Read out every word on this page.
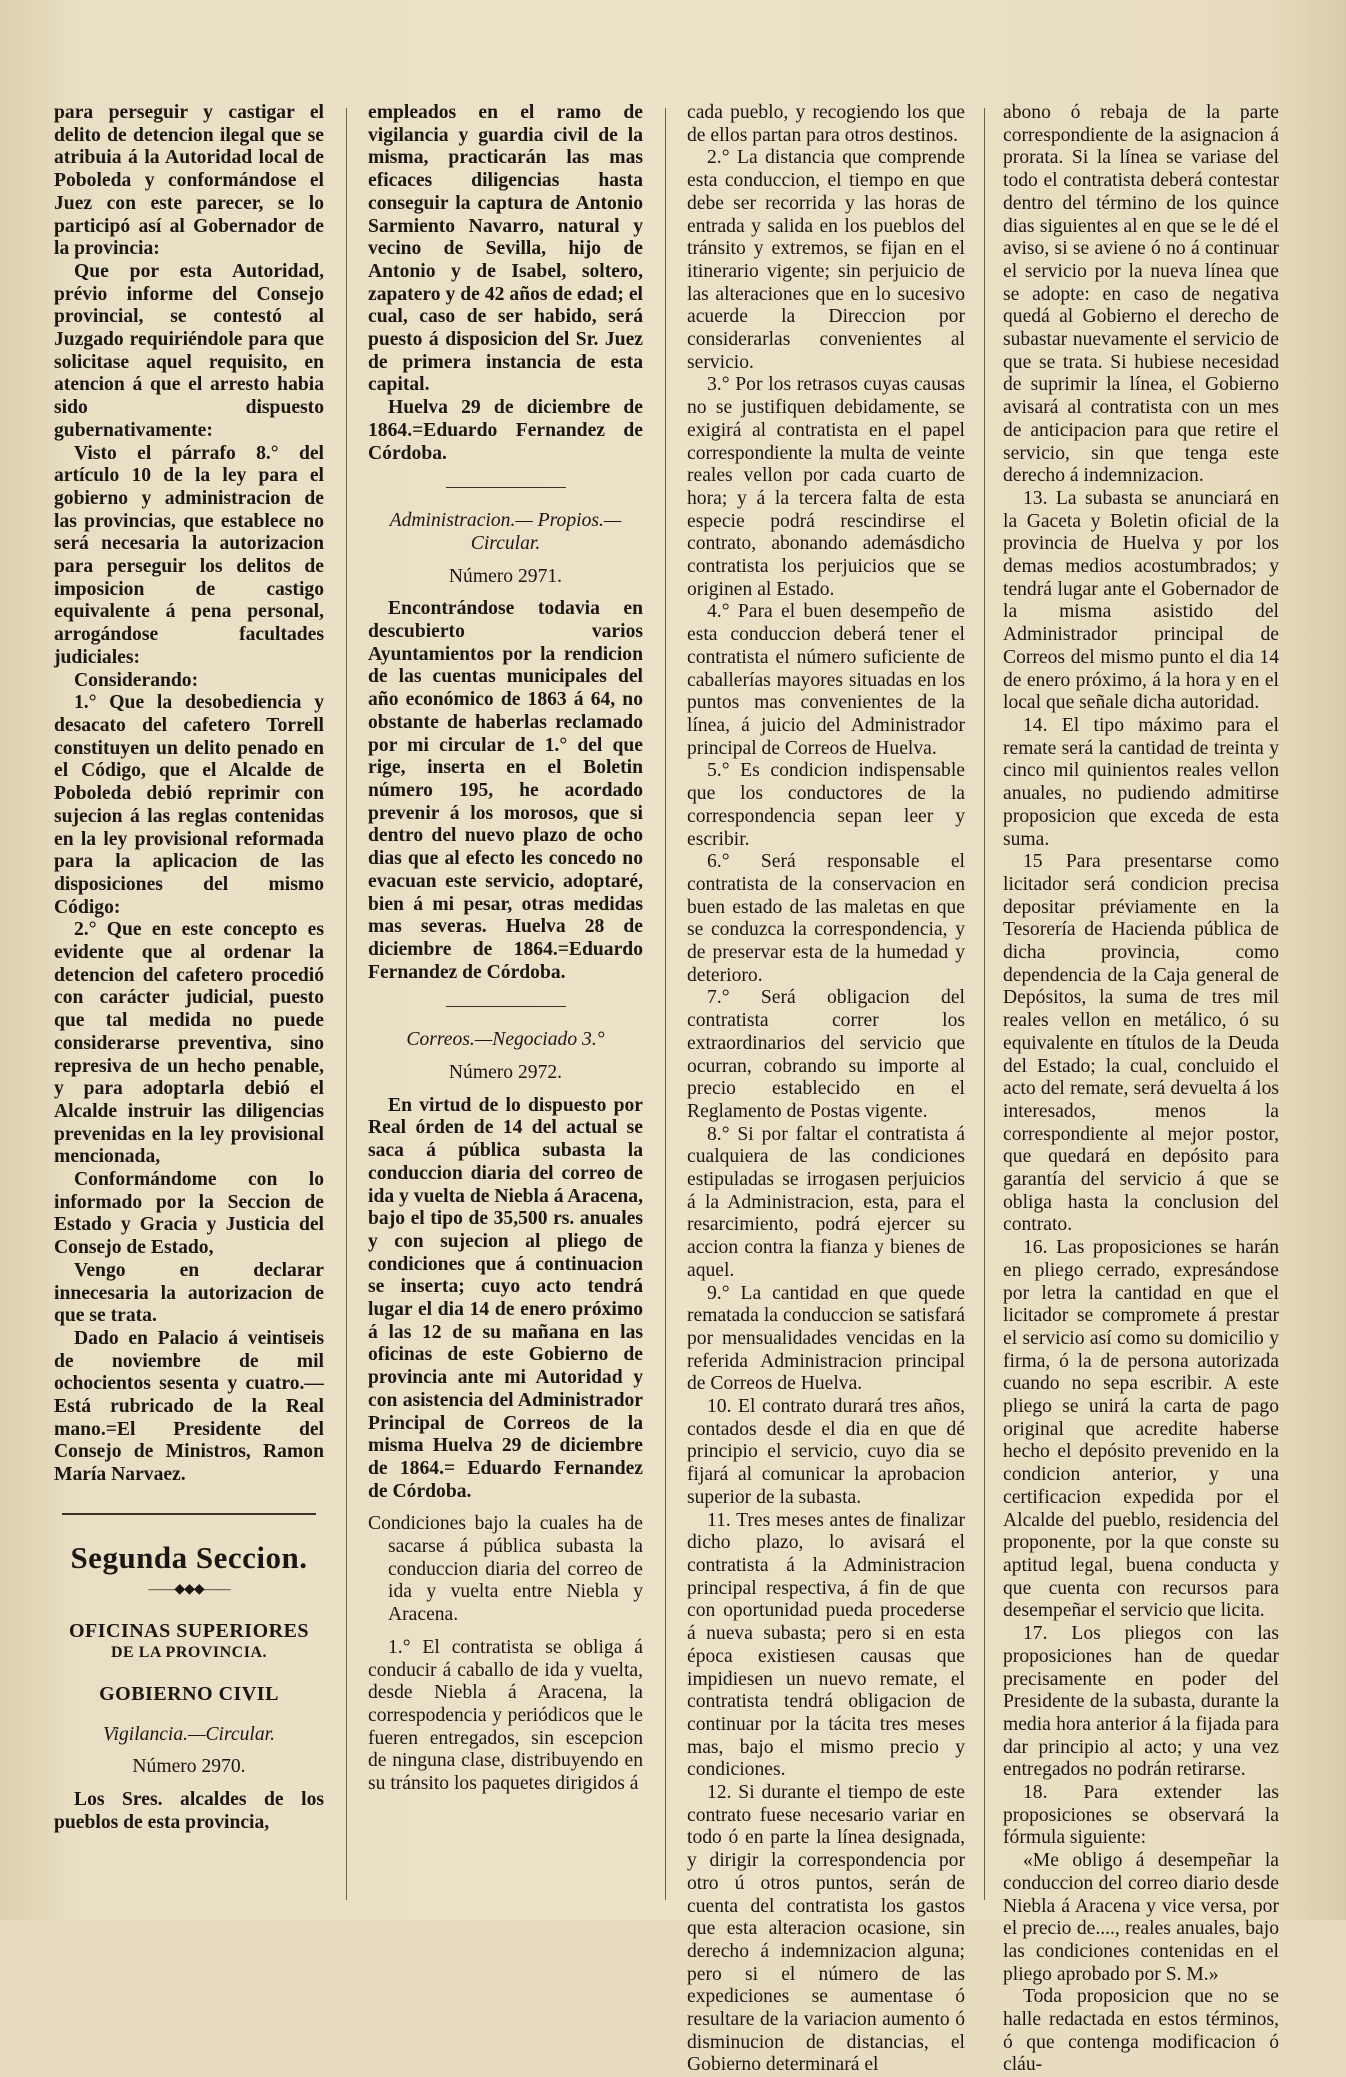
para perseguir y castigar el delito de detencion ilegal que se atribuia á la Autoridad local de Poboleda y conformándose el Juez con este parecer, se lo participó así al Gobernador de la provincia:

Que por esta Autoridad, prévio informe del Consejo provincial, se contestó al Juzgado requiriéndole para que solicitase aquel requisito, en atencion á que el arresto habia sido dispuesto gubernativamente:

Visto el párrafo 8.° del artículo 10 de la ley para el gobierno y administracion de las provincias, que establece no será necesaria la autorizacion para perseguir los delitos de imposicion de castigo equivalente á pena personal, arrogándose facultades judiciales:

Considerando:

1.° Que la desobediencia y desacato del cafetero Torrell constituyen un delito penado en el Código, que el Alcalde de Poboleda debió reprimir con sujecion á las reglas contenidas en la ley provisional reformada para la aplicacion de las disposiciones del mismo Código:

2.° Que en este concepto es evidente que al ordenar la detencion del cafetero procedió con carácter judicial, puesto que tal medida no puede considerarse preventiva, sino represiva de un hecho penable, y para adoptarla debió el Alcalde instruir las diligencias prevenidas en la ley provisional mencionada,

Conformándome con lo informado por la Seccion de Estado y Gracia y Justicia del Consejo de Estado,

Vengo en declarar innecesaria la autorizacion de que se trata.

Dado en Palacio á veintiseis de noviembre de mil ochocientos sesenta y cuatro.— Está rubricado de la Real mano.=El Presidente del Consejo de Ministros, Ramon María Narvaez.

Segunda Seccion.
——◆◆◆——
OFICINAS SUPERIORES
DE LA PROVINCIA.
GOBIERNO CIVIL
Vigilancia.—Circular.
Número 2970.

Los Sres. alcaldes de los pueblos de esta provincia,

empleados en el ramo de vigilancia y guardia civil de la misma, practicarán las mas eficaces diligencias hasta conseguir la captura de Antonio Sarmiento Navarro, natural y vecino de Sevilla, hijo de Antonio y de Isabel, soltero, zapatero y de 42 años de edad; el cual, caso de ser habido, será puesto á disposicion del Sr. Juez de primera instancia de esta capital.

Huelva 29 de diciembre de 1864.=Eduardo Fernandez de Córdoba.

Administracion.— Propios.—Circular.
Número 2971.

Encontrándose todavia en descubierto varios Ayuntamientos por la rendicion de las cuentas municipales del año económico de 1863 á 64, no obstante de haberlas reclamado por mi circular de 1.° del que rige, inserta en el Boletin número 195, he acordado prevenir á los morosos, que si dentro del nuevo plazo de ocho dias que al efecto les concedo no evacuan este servicio, adoptaré, bien á mi pesar, otras medidas mas severas. Huelva 28 de diciembre de 1864.=Eduardo Fernandez de Córdoba.

Correos.—Negociado 3.°
Número 2972.

En virtud de lo dispuesto por Real órden de 14 del actual se saca á pública subasta la conduccion diaria del correo de ida y vuelta de Niebla á Aracena, bajo el tipo de 35,500 rs. anuales y con sujecion al pliego de condiciones que á continuacion se inserta; cuyo acto tendrá lugar el dia 14 de enero próximo á las 12 de su mañana en las oficinas de este Gobierno de provincia ante mi Autoridad y con asistencia del Administrador Principal de Correos de la misma Huelva 29 de diciembre de 1864.= Eduardo Fernandez de Córdoba.

Condiciones bajo la cuales ha de sacarse á pública subasta la conduccion diaria del correo de ida y vuelta entre Niebla y Aracena.

1.° El contratista se obliga á conducir á caballo de ida y vuelta, desde Niebla á Aracena, la correspodencia y periódicos que le fueren entregados, sin escepcion de ninguna clase, distribuyendo en su tránsito los paquetes dirigidos á

cada pueblo, y recogiendo los que de ellos partan para otros destinos.

2.° La distancia que comprende esta conduccion, el tiempo en que debe ser recorrida y las horas de entrada y salida en los pueblos del tránsito y extremos, se fijan en el itinerario vigente; sin perjuicio de las alteraciones que en lo sucesivo acuerde la Direccion por considerarlas convenientes al servicio.

3.° Por los retrasos cuyas causas no se justifiquen debidamente, se exigirá al contratista en el papel correspondiente la multa de veinte reales vellon por cada cuarto de hora; y á la tercera falta de esta especie podrá rescindirse el contrato, abonando ademásdicho contratista los perjuicios que se originen al Estado.

4.° Para el buen desempeño de esta conduccion deberá tener el contratista el número suficiente de caballerías mayores situadas en los puntos mas convenientes de la línea, á juicio del Administrador principal de Correos de Huelva.

5.° Es condicion indispensable que los conductores de la correspondencia sepan leer y escribir.

6.° Será responsable el contratista de la conservacion en buen estado de las maletas en que se conduzca la correspondencia, y de preservar esta de la humedad y deterioro.

7.° Será obligacion del contratista correr los extraordinarios del servicio que ocurran, cobrando su importe al precio establecido en el Reglamento de Postas vigente.

8.° Si por faltar el contratista á cualquiera de las condiciones estipuladas se irrogasen perjuicios á la Administracion, esta, para el resarcimiento, podrá ejercer su accion contra la fianza y bienes de aquel.

9.° La cantidad en que quede rematada la conduccion se satisfará por mensualidades vencidas en la referida Administracion principal de Correos de Huelva.

10. El contrato durará tres años, contados desde el dia en que dé principio el servicio, cuyo dia se fijará al comunicar la aprobacion superior de la subasta.

11. Tres meses antes de finalizar dicho plazo, lo avisará el contratista á la Administracion principal respectiva, á fin de que con oportunidad pueda procederse á nueva subasta; pero si en esta época existiesen causas que impidiesen un nuevo remate, el contratista tendrá obligacion de continuar por la tácita tres meses mas, bajo el mismo precio y condiciones.

12. Si durante el tiempo de este contrato fuese necesario variar en todo ó en parte la línea designada, y dirigir la correspondencia por otro ú otros puntos, serán de cuenta del contratista los gastos que esta alteracion ocasione, sin derecho á indemnizacion alguna; pero si el número de las expediciones se aumentase ó resultare de la variacion aumento ó disminucion de distancias, el Gobierno determinará el

abono ó rebaja de la parte correspondiente de la asignacion á prorata. Si la línea se variase del todo el contratista deberá contestar dentro del término de los quince dias siguientes al en que se le dé el aviso, si se aviene ó no á continuar el servicio por la nueva línea que se adopte: en caso de negativa quedá al Gobierno el derecho de subastar nuevamente el servicio de que se trata. Si hubiese necesidad de suprimir la línea, el Gobierno avisará al contratista con un mes de anticipacion para que retire el servicio, sin que tenga este derecho á indemnizacion.

13. La subasta se anunciará en la Gaceta y Boletin oficial de la provincia de Huelva y por los demas medios acostumbrados; y tendrá lugar ante el Gobernador de la misma asistido del Administrador principal de Correos del mismo punto el dia 14 de enero próximo, á la hora y en el local que señale dicha autoridad.

14. El tipo máximo para el remate será la cantidad de treinta y cinco mil quinientos reales vellon anuales, no pudiendo admitirse proposicion que exceda de esta suma.

15 Para presentarse como licitador será condicion precisa depositar préviamente en la Tesorería de Hacienda pública de dicha provincia, como dependencia de la Caja general de Depósitos, la suma de tres mil reales vellon en metálico, ó su equivalente en títulos de la Deuda del Estado; la cual, concluido el acto del remate, será devuelta á los interesados, menos la correspondiente al mejor postor, que quedará en depósito para garantía del servicio á que se obliga hasta la conclusion del contrato.

16. Las proposiciones se harán en pliego cerrado, expresándose por letra la cantidad en que el licitador se compromete á prestar el servicio así como su domicilio y firma, ó la de persona autorizada cuando no sepa escribir. A este pliego se unirá la carta de pago original que acredite haberse hecho el depósito prevenido en la condicion anterior, y una certificacion expedida por el Alcalde del pueblo, residencia del proponente, por la que conste su aptitud legal, buena conducta y que cuenta con recursos para desempeñar el servicio que licita.

17. Los pliegos con las proposiciones han de quedar precisamente en poder del Presidente de la subasta, durante la media hora anterior á la fijada para dar principio al acto; y una vez entregados no podrán retirarse.

18. Para extender las proposiciones se observará la fórmula siguiente:

«Me obligo á desempeñar la conduccion del correo diario desde Niebla á Aracena y vice versa, por el precio de...., reales anuales, bajo las condiciones contenidas en el pliego aprobado por S. M.»

Toda proposicion que no se halle redactada en estos términos, ó que contenga modificacion ó cláu-
